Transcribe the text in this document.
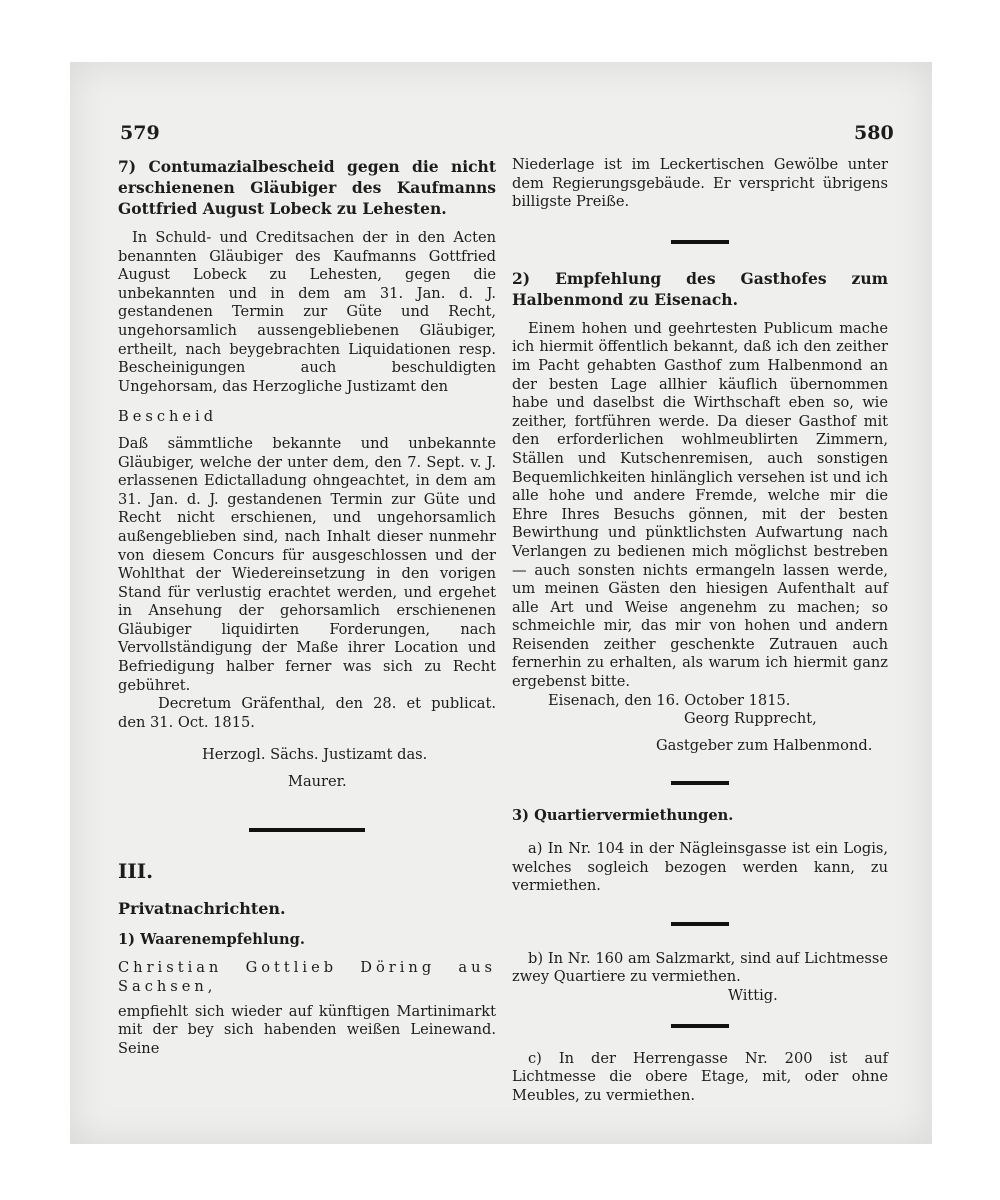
579	580

7) Contumazialbescheid gegen die nicht erschienenen Gläubiger des Kaufmanns Gottfried August Lobeck zu Lehesten.

In Schuld- und Creditsachen der in den Acten benannten Gläubiger des Kaufmanns Gottfried August Lobeck zu Lehesten, gegen die unbekannten und in dem am 31. Jan. d. J. gestandenen Termin zur Güte und Recht, ungehorsamlich aussengebliebenen Gläubiger, ertheilt, nach beygebrachten Liquidationen resp. Bescheinigungen auch beschuldigten Ungehorsam, das Herzogliche Justizamt den

Bescheid

Daß sämmtliche bekannte und unbekannte Gläubiger, welche der unter dem, den 7. Sept. v. J. erlassenen Edictalladung ohngeachtet, in dem am 31. Jan. d. J. gestandenen Termin zur Güte und Recht nicht erschienen, und ungehorsamlich außengeblieben sind, nach Inhalt dieser nunmehr von diesem Concurs für ausgeschlossen und der Wohlthat der Wiedereinsetzung in den vorigen Stand für verlustig erachtet werden, und ergehet in Ansehung der gehorsamlich erschienenen Gläubiger liquidirten Forderungen, nach Vervollständigung der Maße ihrer Location und Befriedigung halber ferner was sich zu Recht gebühret.

Decretum Gräfenthal, den 28. et publicat. den 31. Oct. 1815.

Herzogl. Sächs. Justizamt das.

Maurer.

III.

Privatnachrichten.

1) Waarenempfehlung.

Christian Gottlieb Döring aus Sachsen,

empfiehlt sich wieder auf künftigen Martinimarkt mit der bey sich habenden weißen Leinewand. Seine

Niederlage ist im Leckertischen Gewölbe unter dem Regierungsgebäude. Er verspricht übrigens billigste Preiße.

2) Empfehlung des Gasthofes zum Halbenmond zu Eisenach.

Einem hohen und geehrtesten Publicum mache ich hiermit öffentlich bekannt, daß ich den zeither im Pacht gehabten Gasthof zum Halbenmond an der besten Lage allhier käuflich übernommen habe und daselbst die Wirthschaft eben so, wie zeither, fortführen werde. Da dieser Gasthof mit den erforderlichen wohlmeublirten Zimmern, Ställen und Kutschenremisen, auch sonstigen Bequemlichkeiten hinlänglich versehen ist und ich alle hohe und andere Fremde, welche mir die Ehre Ihres Besuchs gönnen, mit der besten Bewirthung und pünktlichsten Aufwartung nach Verlangen zu bedienen mich möglichst bestreben — auch sonsten nichts ermangeln lassen werde, um meinen Gästen den hiesigen Aufenthalt auf alle Art und Weise angenehm zu machen; so schmeichle mir, das mir von hohen und andern Reisenden zeither geschenkte Zutrauen auch fernerhin zu erhalten, als warum ich hiermit ganz ergebenst bitte.

Eisenach, den 16. October 1815.

Georg Rupprecht,

Gastgeber zum Halbenmond.

3) Quartiervermiethungen.

a) In Nr. 104 in der Nägleinsgasse ist ein Logis, welches sogleich bezogen werden kann, zu vermiethen.

b) In Nr. 160 am Salzmarkt, sind auf Lichtmesse zwey Quartiere zu vermiethen.

Wittig.

c) In der Herrengasse Nr. 200 ist auf Lichtmesse die obere Etage, mit, oder ohne Meubles, zu vermiethen.
